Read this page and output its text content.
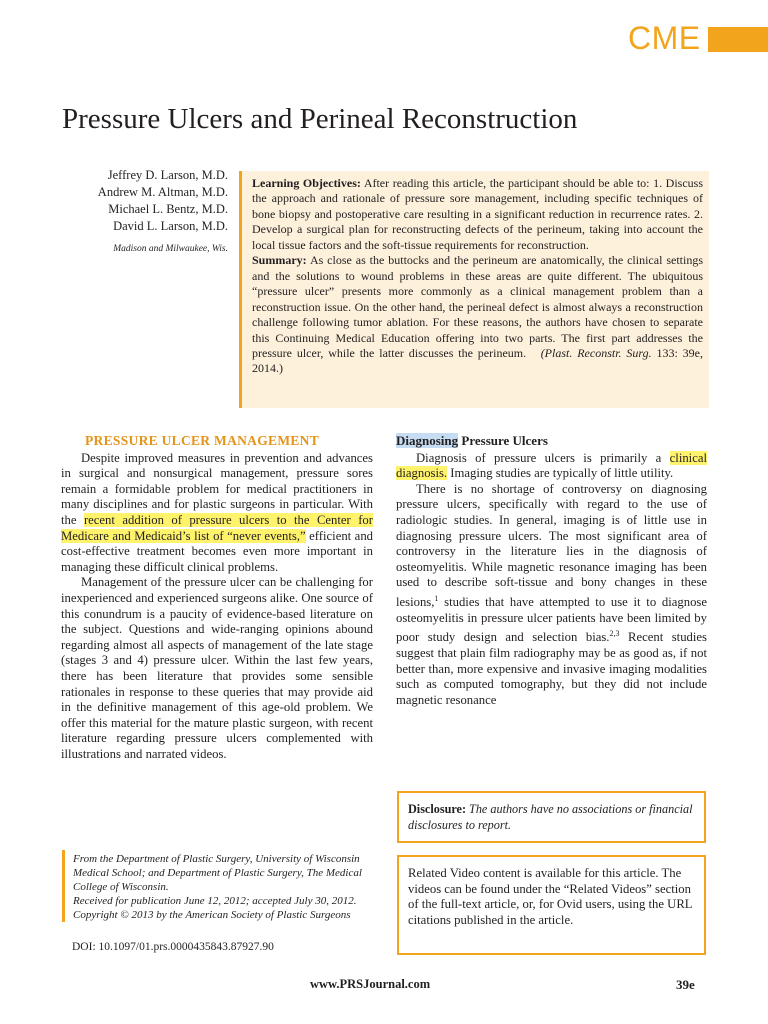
CME
Pressure Ulcers and Perineal Reconstruction
Jeffrey D. Larson, M.D.
Andrew M. Altman, M.D.
Michael L. Bentz, M.D.
David L. Larson, M.D.
Madison and Milwaukee, Wis.

Learning Objectives: After reading this article, the participant should be able to: 1. Discuss the approach and rationale of pressure sore management, including specific techniques of bone biopsy and postoperative care resulting in a significant reduction in recurrence rates. 2. Develop a surgical plan for reconstructing defects of the perineum, taking into account the local tissue factors and the soft-tissue requirements for reconstruction.

Summary: As close as the buttocks and the perineum are anatomically, the clinical settings and the solutions to wound problems in these areas are quite different. The ubiquitous “pressure ulcer” presents more commonly as a clinical management problem than a reconstruction issue. On the other hand, the perineal defect is almost always a reconstruction challenge following tumor ablation. For these reasons, the authors have chosen to separate this Continuing Medical Education offering into two parts. The first part addresses the pressure ulcer, while the latter discusses the perineum. (Plast. Reconstr. Surg. 133: 39e, 2014.)

PRESSURE ULCER MANAGEMENT

Despite improved measures in prevention and advances in surgical and nonsurgical management, pressure sores remain a formidable problem for medical practitioners in many disciplines and for plastic surgeons in particular. With the recent addition of pressure ulcers to the Center for Medicare and Medicaid’s list of “never events,” efficient and cost-effective treatment becomes even more important in managing these difficult clinical problems.

Management of the pressure ulcer can be challenging for inexperienced and experienced surgeons alike. One source of this conundrum is a paucity of evidence-based literature on the subject. Questions and wide-ranging opinions abound regarding almost all aspects of management of the late stage (stages 3 and 4) pressure ulcer. Within the last few years, there has been literature that provides some sensible rationales in response to these queries that may provide aid in the definitive management of this age-old problem. We offer this material for the mature plastic surgeon, with recent literature regarding pressure ulcers complemented with illustrations and narrated videos.

Diagnosing Pressure Ulcers

Diagnosis of pressure ulcers is primarily a clinical diagnosis. Imaging studies are typically of little utility.

There is no shortage of controversy on diagnosing pressure ulcers, specifically with regard to the use of radiologic studies. In general, imaging is of little use in diagnosing pressure ulcers. The most significant area of controversy in the literature lies in the diagnosis of osteomyelitis. While magnetic resonance imaging has been used to describe soft-tissue and bony changes in these lesions,$^1$ studies that have attempted to use it to diagnose osteomyelitis in pressure ulcer patients have been limited by poor study design and selection bias.$^{2,3}$ Recent studies suggest that plain film radiography may be as good as, if not better than, more expensive and invasive imaging modalities such as computed tomography, but they did not include magnetic resonance

Disclosure: The authors have no associations or financial disclosures to report.
Related Video content is available for this article. The videos can be found under the “Related Videos” section of the full-text article, or, for Ovid users, using the URL citations published in the article.
From the Department of Plastic Surgery, University of Wisconsin Medical School; and Department of Plastic Surgery, The Medical College of Wisconsin.
Received for publication June 12, 2012; accepted July 30, 2012.
Copyright © 2013 by the American Society of Plastic Surgeons
DOI: 10.1097/01.prs.0000435843.87927.90
www.PRSJournal.com	39e
